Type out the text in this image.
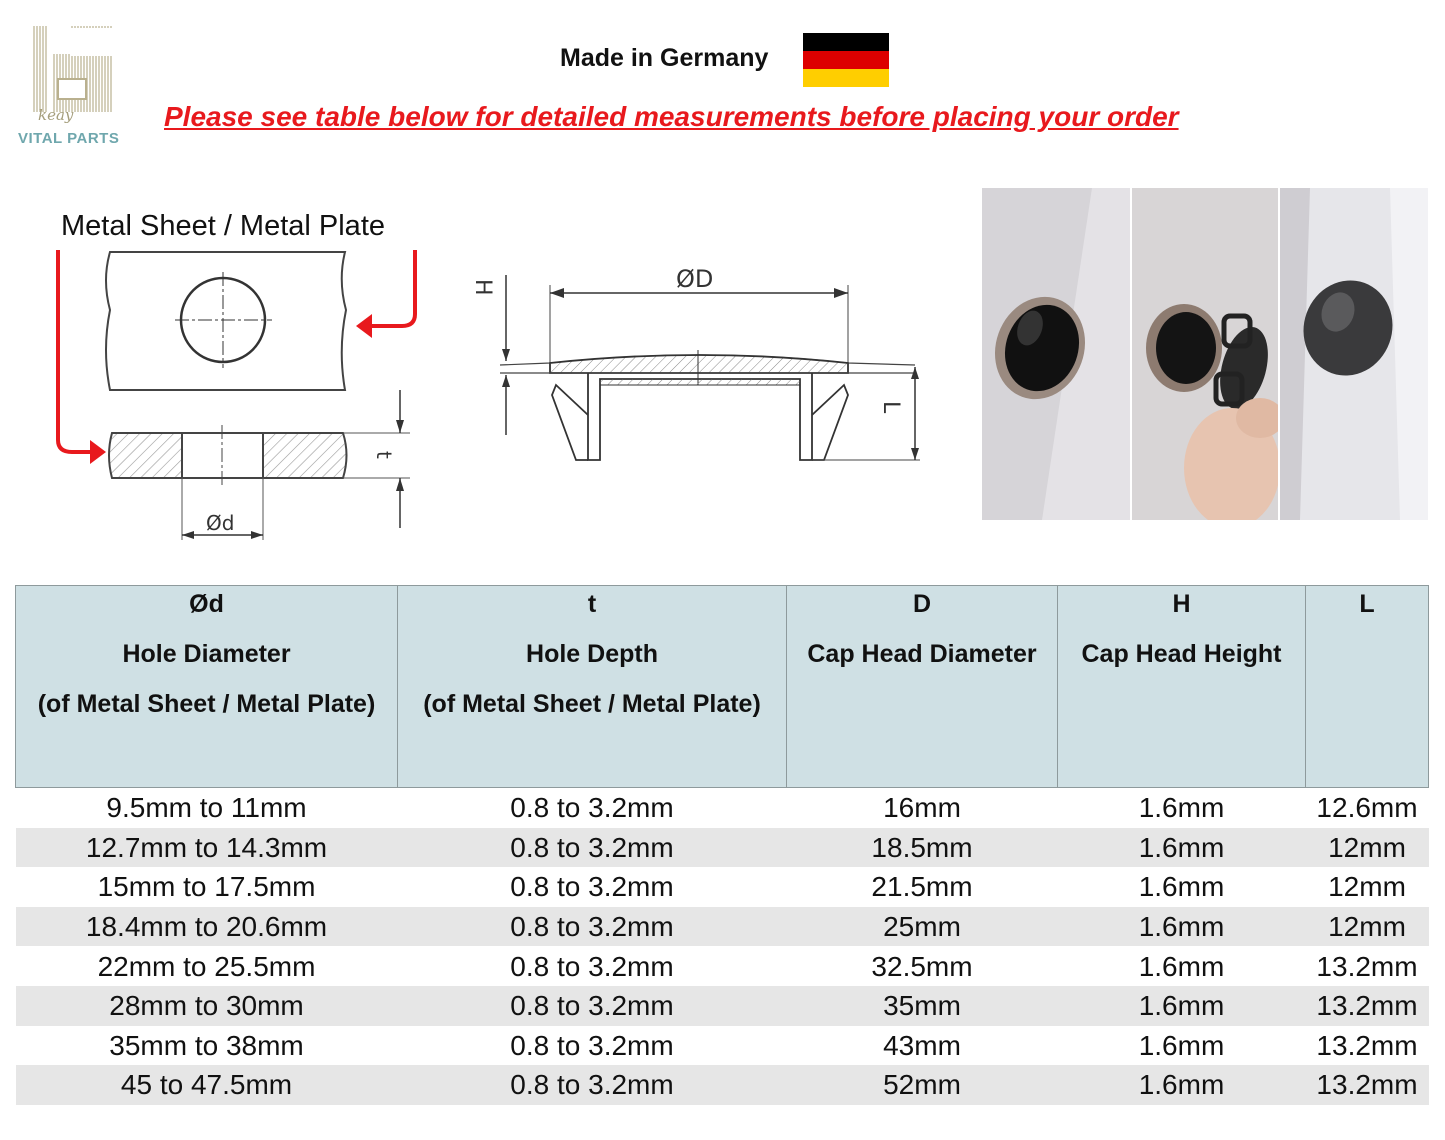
keay
VITAL PARTS
Made in Germany
Please see table below for detailed measurements before placing your order
Metal Sheet / Metal Plate
t
Ød
ØD
H
L
Ød
Hole Diameter
(of Metal Sheet / Metal Plate)	t
Hole Depth
(of Metal Sheet / Metal Plate)	D
Cap Head Diameter	H
Cap Head Height	L

9.5mm to 11mm	0.8 to 3.2mm	16mm	1.6mm	12.6mm
12.7mm to 14.3mm	0.8 to 3.2mm	18.5mm	1.6mm	12mm
15mm to 17.5mm	0.8 to 3.2mm	21.5mm	1.6mm	12mm
18.4mm to 20.6mm	0.8 to 3.2mm	25mm	1.6mm	12mm
22mm to 25.5mm	0.8 to 3.2mm	32.5mm	1.6mm	13.2mm
28mm to 30mm	0.8 to 3.2mm	35mm	1.6mm	13.2mm
35mm to 38mm	0.8 to 3.2mm	43mm	1.6mm	13.2mm
45 to 47.5mm	0.8 to 3.2mm	52mm	1.6mm	13.2mm
